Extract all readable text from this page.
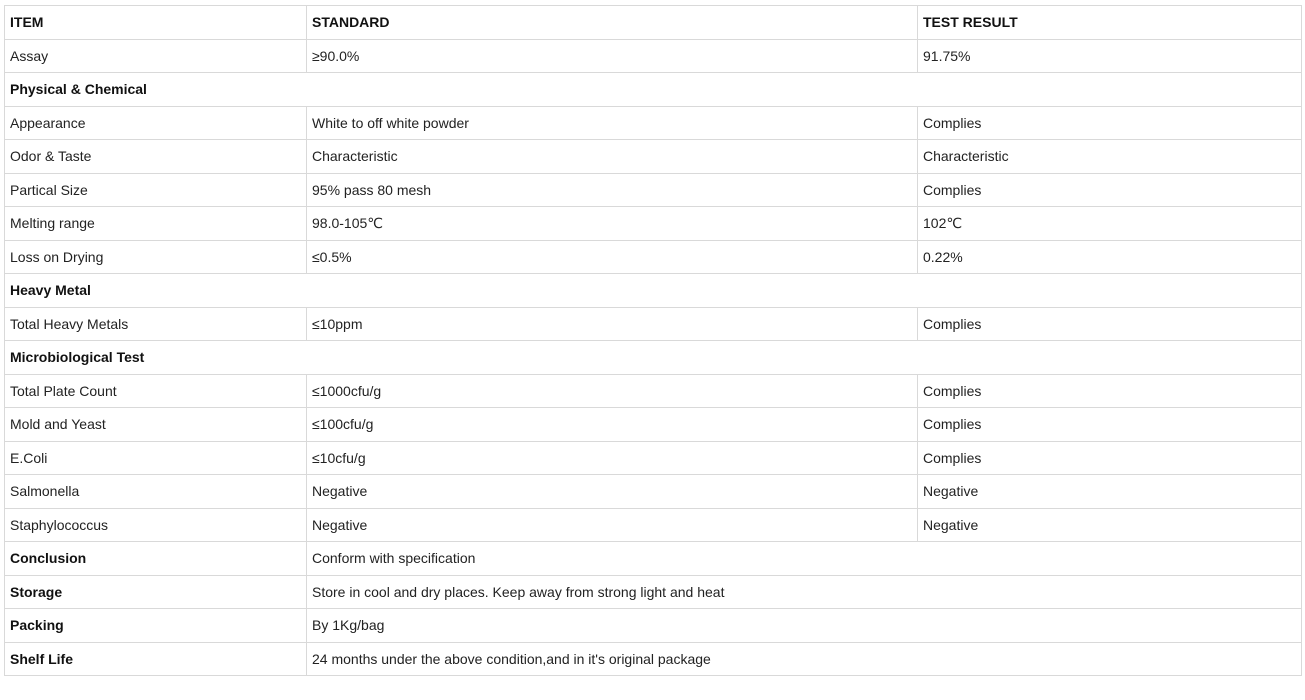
ITEM	STANDARD	TEST RESULT
Assay	≥90.0%	91.75%
Physical & Chemical		
Appearance	White to off white powder	Complies
Odor & Taste	Characteristic	Characteristic
Partical Size	95% pass 80 mesh	Complies
Melting range	98.0-105℃	102℃
Loss on Drying	≤0.5%	0.22%
Heavy Metal		
Total Heavy Metals	≤10ppm	Complies
Microbiological Test		
Total Plate Count	≤1000cfu/g	Complies
Mold and Yeast	≤100cfu/g	Complies
E.Coli	≤10cfu/g	Complies
Salmonella	Negative	Negative
Staphylococcus	Negative	Negative
Conclusion	Conform with specification	
Storage	Store in cool and dry places. Keep away from strong light and heat	
Packing	By 1Kg/bag	
Shelf Life	24 months under the above condition,and in it's original package	
